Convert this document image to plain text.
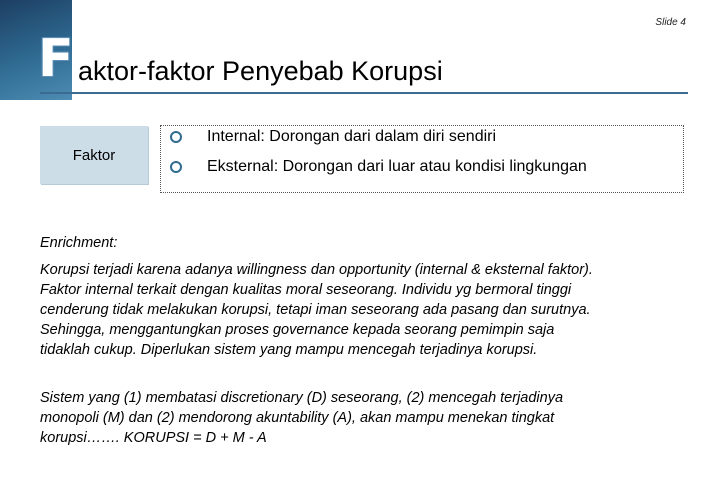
Slide 4
F aktor-faktor Penyebab Korupsi
Faktor
Internal: Dorongan dari dalam diri sendiri
Eksternal: Dorongan dari luar atau kondisi lingkungan

Enrichment:

Korupsi terjadi karena adanya willingness dan opportunity (internal & eksternal faktor).
Faktor internal terkait dengan kualitas moral seseorang. Individu yg bermoral tinggi
cenderung tidak melakukan korupsi, tetapi iman seseorang ada pasang dan surutnya.
Sehingga, menggantungkan proses governance kepada seorang pemimpin saja
tidaklah cukup. Diperlukan sistem yang mampu mencegah terjadinya korupsi.

Sistem yang (1) membatasi discretionary (D) seseorang, (2) mencegah terjadinya
monopoli (M) dan (2) mendorong akuntability (A), akan mampu menekan tingkat
korupsi……. KORUPSI = D + M - A
